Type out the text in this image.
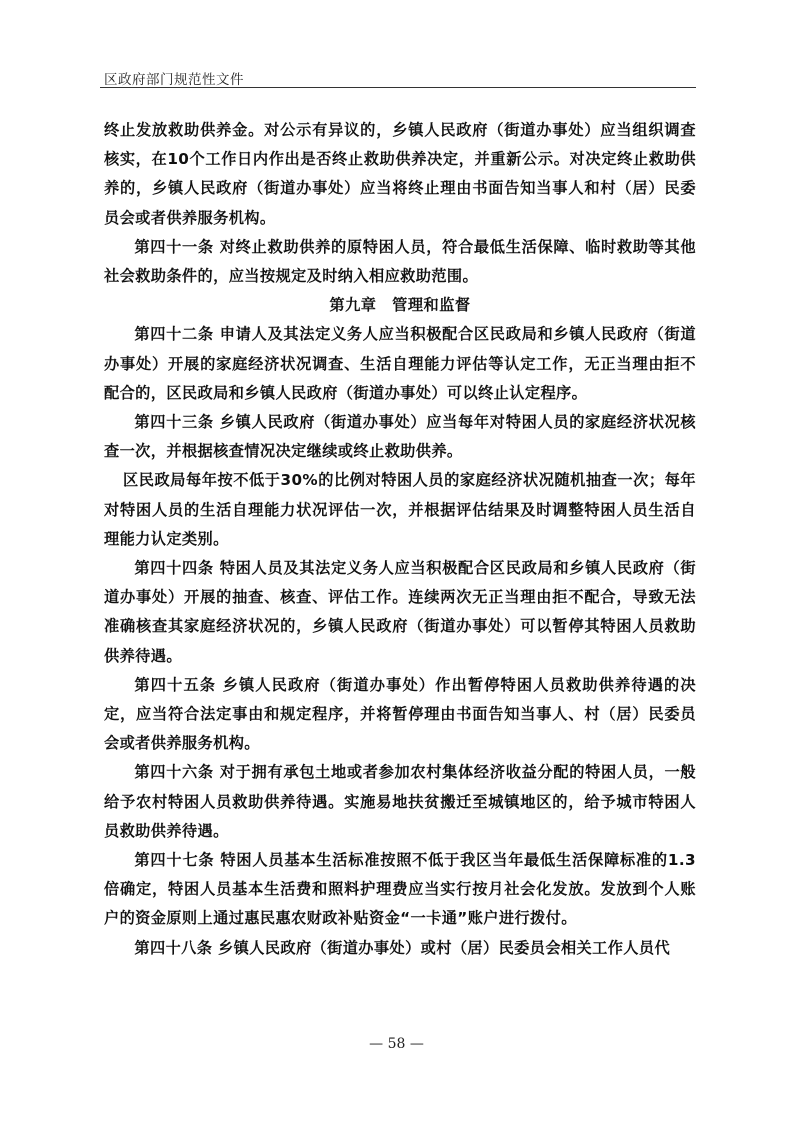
区政府部门规范性文件

终止发放救助供养金。对公示有异议的，乡镇人民政府（街道办事处）应当组织调查核实，在10个工作日内作出是否终止救助供养决定，并重新公示。对决定终止救助供养的，乡镇人民政府（街道办事处）应当将终止理由书面告知当事人和村（居）民委员会或者供养服务机构。

第四十一条 对终止救助供养的原特困人员，符合最低生活保障、临时救助等其他社会救助条件的，应当按规定及时纳入相应救助范围。

第九章　管理和监督

第四十二条 申请人及其法定义务人应当积极配合区民政局和乡镇人民政府（街道办事处）开展的家庭经济状况调查、生活自理能力评估等认定工作，无正当理由拒不配合的，区民政局和乡镇人民政府（街道办事处）可以终止认定程序。

第四十三条 乡镇人民政府（街道办事处）应当每年对特困人员的家庭经济状况核查一次，并根据核查情况决定继续或终止救助供养。

区民政局每年按不低于30%的比例对特困人员的家庭经济状况随机抽查一次；每年对特困人员的生活自理能力状况评估一次，并根据评估结果及时调整特困人员生活自理能力认定类别。

第四十四条 特困人员及其法定义务人应当积极配合区民政局和乡镇人民政府（街道办事处）开展的抽查、核查、评估工作。连续两次无正当理由拒不配合，导致无法准确核查其家庭经济状况的，乡镇人民政府（街道办事处）可以暂停其特困人员救助供养待遇。

第四十五条 乡镇人民政府（街道办事处）作出暂停特困人员救助供养待遇的决定，应当符合法定事由和规定程序，并将暂停理由书面告知当事人、村（居）民委员会或者供养服务机构。

第四十六条 对于拥有承包土地或者参加农村集体经济收益分配的特困人员，一般给予农村特困人员救助供养待遇。实施易地扶贫搬迁至城镇地区的，给予城市特困人员救助供养待遇。

第四十七条 特困人员基本生活标准按照不低于我区当年最低生活保障标准的1.3倍确定，特困人员基本生活费和照料护理费应当实行按月社会化发放。发放到个人账户的资金原则上通过惠民惠农财政补贴资金“一卡通”账户进行拨付。

第四十八条 乡镇人民政府（街道办事处）或村（居）民委员会相关工作人员代

— 58 —
